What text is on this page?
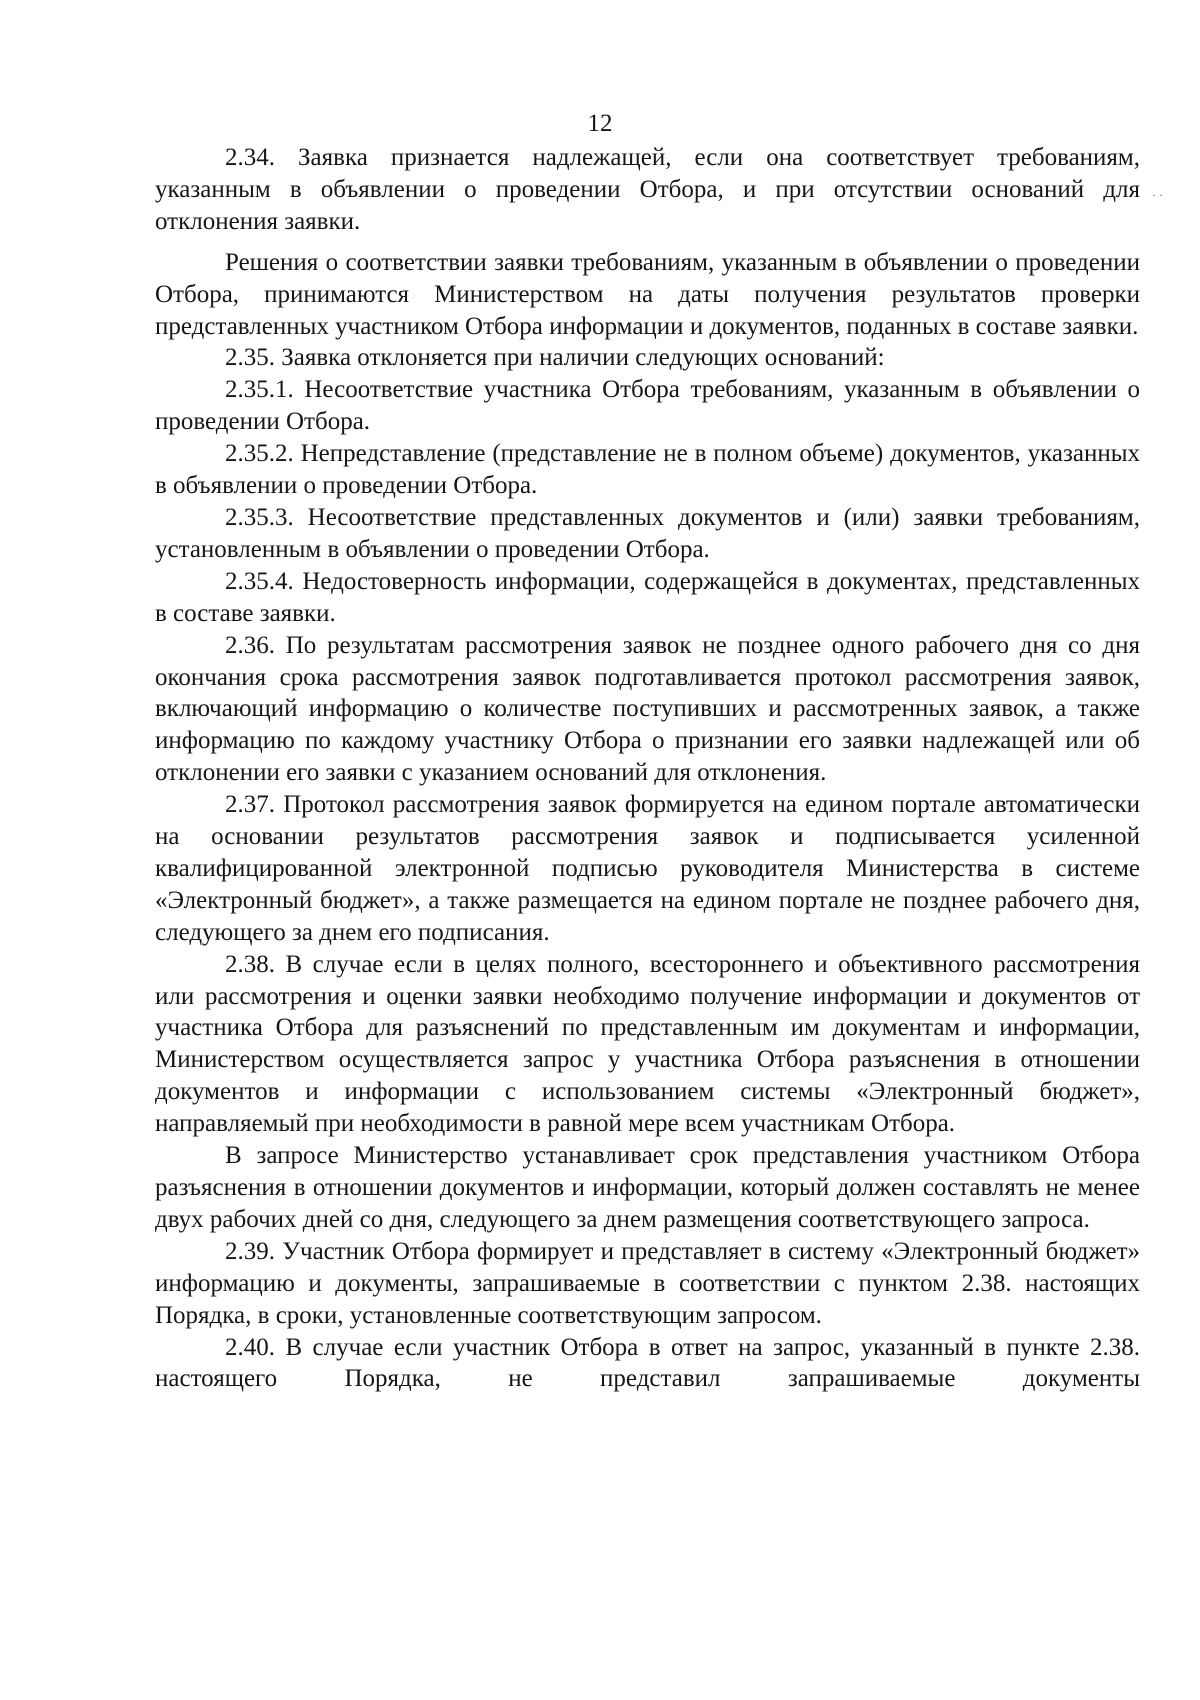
12
··

2.34. Заявка признается надлежащей, если она соответствует требованиям, указанным в объявлении о проведении Отбора, и при отсутствии оснований для отклонения заявки.

Решения о соответствии заявки требованиям, указанным в объявлении о проведении Отбора, принимаются Министерством на даты получения результатов проверки представленных участником Отбора информации и документов, поданных в составе заявки.

2.35. Заявка отклоняется при наличии следующих оснований:

2.35.1. Несоответствие участника Отбора требованиям, указанным в объявлении о проведении Отбора.

2.35.2. Непредставление (представление не в полном объеме) документов, указанных в объявлении о проведении Отбора.

2.35.3. Несоответствие представленных документов и (или) заявки требованиям, установленным в объявлении о проведении Отбора.

2.35.4. Недостоверность информации, содержащейся в документах, представленных в составе заявки.

2.36. По результатам рассмотрения заявок не позднее одного рабочего дня со дня окончания срока рассмотрения заявок подготавливается протокол рассмотрения заявок, включающий информацию о количестве поступивших и рассмотренных заявок, а также информацию по каждому участнику Отбора о признании его заявки надлежащей или об отклонении его заявки с указанием оснований для отклонения.

2.37. Протокол рассмотрения заявок формируется на едином портале автоматически на основании результатов рассмотрения заявок и подписывается усиленной квалифицированной электронной подписью руководителя Министерства в системе «Электронный бюджет», а также размещается на едином портале не позднее рабочего дня, следующего за днем его подписания.

2.38. В случае если в целях полного, всестороннего и объективного рассмотрения или рассмотрения и оценки заявки необходимо получение информации и документов от участника Отбора для разъяснений по представленным им документам и информации, Министерством осуществляется запрос у участника Отбора разъяснения в отношении документов и информации с использованием системы «Электронный бюджет», направляемый при необходимости в равной мере всем участникам Отбора.

В запросе Министерство устанавливает срок представления участником Отбора разъяснения в отношении документов и информации, который должен составлять не менее двух рабочих дней со дня, следующего за днем размещения соответствующего запроса.

2.39. Участник Отбора формирует и представляет в систему «Электронный бюджет» информацию и документы, запрашиваемые в соответствии с пунктом 2.38. настоящих Порядка, в сроки, установленные соответствующим запросом.

2.40. В случае если участник Отбора в ответ на запрос, указанный в пункте 2.38. настоящего Порядка, не представил запрашиваемые документы
